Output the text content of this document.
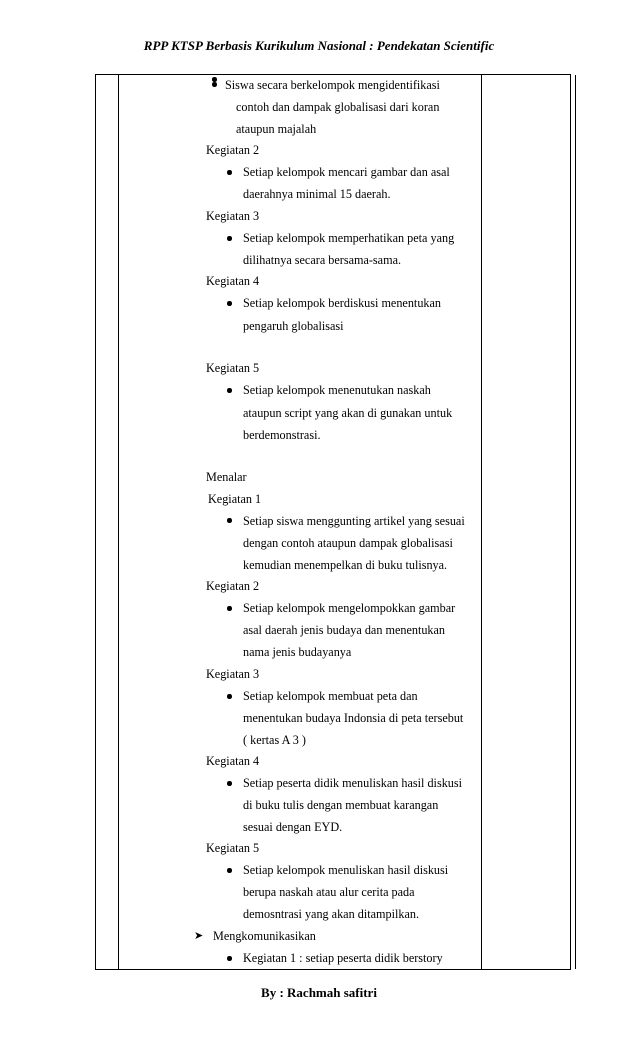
RPP KTSP Berbasis Kurikulum Nasional : Pendekatan Scientific
Siswa secara berkelompok mengidentifikasi
contoh dan dampak globalisasi dari koran
ataupun majalah
Kegiatan 2
Setiap kelompok mencari gambar dan asal
daerahnya minimal 15 daerah.
Kegiatan 3
Setiap kelompok memperhatikan peta yang
dilihatnya secara bersama-sama.
Kegiatan 4
Setiap kelompok berdiskusi menentukan
pengaruh globalisasi
Kegiatan 5
Setiap kelompok menenutukan naskah
ataupun script yang akan di gunakan untuk
berdemonstrasi.
Menalar
Kegiatan 1
Setiap siswa menggunting artikel yang sesuai
dengan contoh ataupun dampak globalisasi
kemudian menempelkan di buku tulisnya.
Kegiatan 2
Setiap kelompok mengelompokkan gambar
asal daerah jenis budaya dan menentukan
nama jenis budayanya
Kegiatan 3
Setiap kelompok membuat peta dan
menentukan budaya Indonsia di peta tersebut
( kertas A 3 )
Kegiatan 4
Setiap peserta didik menuliskan hasil diskusi
di buku tulis dengan membuat karangan
sesuai dengan EYD.
Kegiatan 5
Setiap kelompok menuliskan hasil diskusi
berupa naskah atau alur cerita pada
demosntrasi yang akan ditampilkan.
➤ Mengkomunikasikan
Kegiatan 1 : setiap peserta didik berstory
By : Rachmah safitri
